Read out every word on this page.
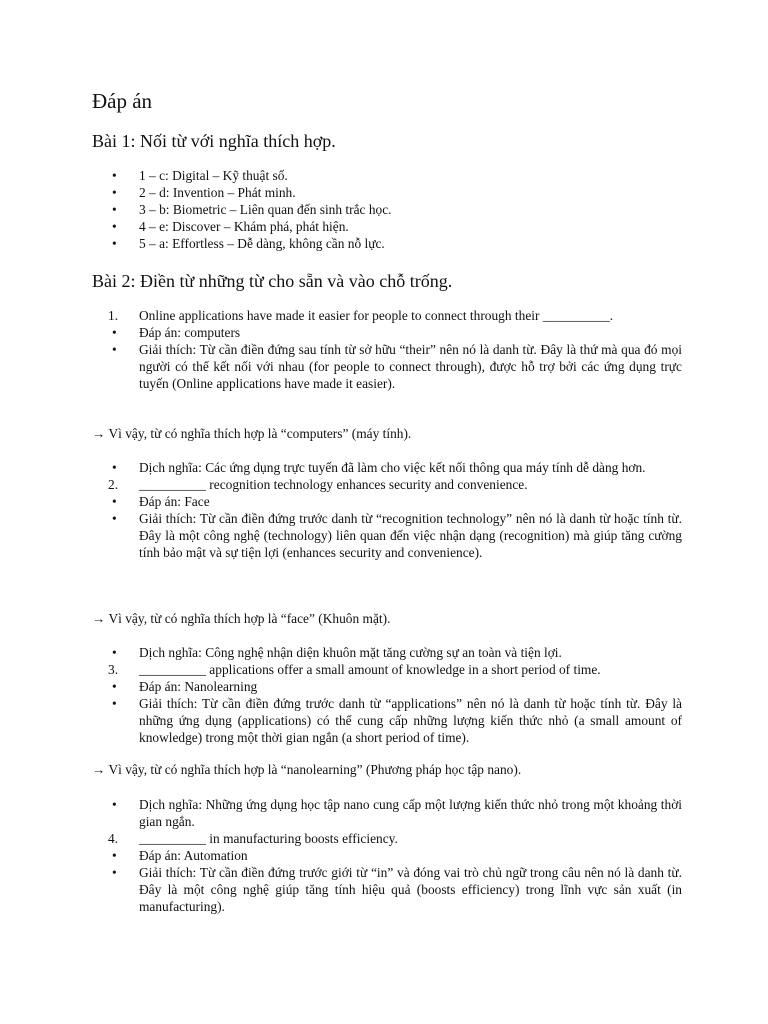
Đáp án
Bài 1: Nối từ với nghĩa thích hợp.
•	1 – c: Digital – Kỹ thuật số.
•	2 – d: Invention – Phát minh.
•	3 – b: Biometric – Liên quan đến sinh trắc học.
•	4 – e: Discover – Khám phá, phát hiện.
•	5 – a: Effortless – Dễ dàng, không cần nỗ lực.
Bài 2: Điền từ những từ cho sẵn và vào chỗ trống.
1.	Online applications have made it easier for people to connect through their __________.
•	Đáp án: computers
•	Giải thích: Từ cần điền đứng sau tính từ sở hữu “their” nên nó là danh từ. Đây là thứ mà qua đó mọi người có thể kết nối với nhau (for people to connect through), được hỗ trợ bởi các ứng dụng trực tuyến (Online applications have made it easier).
→ Vì vậy, từ có nghĩa thích hợp là “computers” (máy tính).
•	Dịch nghĩa: Các ứng dụng trực tuyến đã làm cho việc kết nối thông qua máy tính dễ dàng hơn.
2.	__________ recognition technology enhances security and convenience.
•	Đáp án: Face
•	Giải thích: Từ cần điền đứng trước danh từ “recognition technology” nên nó là danh từ hoặc tính từ. Đây là một công nghệ (technology) liên quan đến việc nhận dạng (recognition) mà giúp tăng cường tính bảo mật và sự tiện lợi (enhances security and convenience).
→ Vì vậy, từ có nghĩa thích hợp là “face” (Khuôn mặt).
•	Dịch nghĩa: Công nghệ nhận diện khuôn mặt tăng cường sự an toàn và tiện lợi.
3.	__________ applications offer a small amount of knowledge in a short period of time.
•	Đáp án: Nanolearning
•	Giải thích: Từ cần điền đứng trước danh từ “applications” nên nó là danh từ hoặc tính từ. Đây là những ứng dụng (applications) có thể cung cấp những lượng kiến thức nhỏ (a small amount of knowledge) trong một thời gian ngắn (a short period of time).
→ Vì vậy, từ có nghĩa thích hợp là “nanolearning” (Phương pháp học tập nano).
•	Dịch nghĩa: Những ứng dụng học tập nano cung cấp một lượng kiến thức nhỏ trong một khoảng thời gian ngắn.
4.	__________ in manufacturing boosts efficiency.
•	Đáp án: Automation
•	Giải thích: Từ cần điền đứng trước giới từ “in” và đóng vai trò chủ ngữ trong câu nên nó là danh từ. Đây là một công nghệ giúp tăng tính hiệu quả (boosts efficiency) trong lĩnh vực sản xuất (in manufacturing).
